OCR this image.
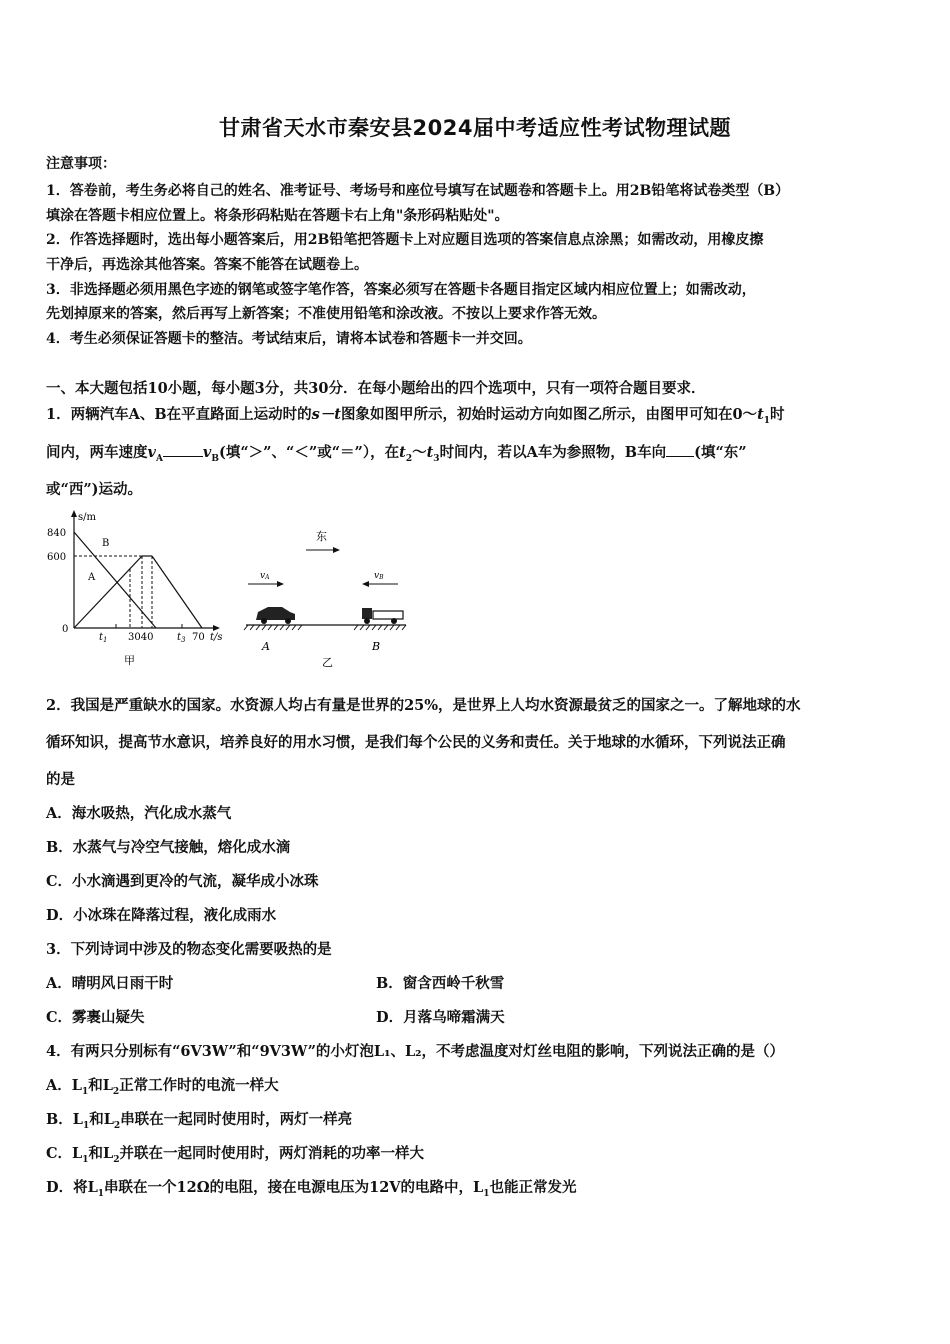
甘肃省天水市秦安县2024届中考适应性考试物理试题
注意事项：
1．答卷前，考生务必将自己的姓名、准考证号、考场号和座位号填写在试题卷和答题卡上。用2B铅笔将试卷类型（B）
填涂在答题卡相应位置上。将条形码粘贴在答题卡右上角"条形码粘贴处"。
2．作答选择题时，选出每小题答案后，用2B铅笔把答题卡上对应题目选项的答案信息点涂黑；如需改动，用橡皮擦
干净后，再选涂其他答案。答案不能答在试题卷上。
3．非选择题必须用黑色字迹的钢笔或签字笔作答，答案必须写在答题卡各题目指定区域内相应位置上；如需改动，
先划掉原来的答案，然后再写上新答案；不准使用铅笔和涂改液。不按以上要求作答无效。
4．考生必须保证答题卡的整洁。考试结束后，请将本试卷和答题卡一并交回。
一、本大题包括10小题，每小题3分，共30分．在每小题给出的四个选项中，只有一项符合题目要求．
1．两辆汽车A、B在平直路面上运动时的s－t图象如图甲所示，初始时运动方向如图乙所示，由图甲可知在$0\sim t_1$时
间内，两车速度$v_A$	$v_B$(填“＞”、“＜”或“＝”），在$t_2\sim t_3$时间内，若以A车为参照物，B车向 (填“东”
或“西”)运动。
s/m
840
600
0
B
A
$t_1$ 3040 $t_3$ 70 t/s
甲
东
vA	vB
A	B
乙
2．我国是严重缺水的国家。水资源人均占有量是世界的25%，是世界上人均水资源最贫乏的国家之一。了解地球的水
循环知识，提高节水意识，培养良好的用水习惯，是我们每个公民的义务和责任。关于地球的水循环，下列说法正确
的是
A．海水吸热，汽化成水蒸气
B．水蒸气与冷空气接触，熔化成水滴
C．小水滴遇到更冷的气流，凝华成小冰珠
D．小冰珠在降落过程，液化成雨水
3．下列诗词中涉及的物态变化需要吸热的是
A．晴明风日雨干时	B．窗含西岭千秋雪
C．雾裹山疑失	D．月落乌啼霜满天
4．有两只分别标有“6V3W”和“9V3W”的小灯泡L₁、L₂，不考虑温度对灯丝电阻的影响，下列说法正确的是（）
A．$L_1$和$L_2$正常工作时的电流一样大
B．$L_1$和$L_2$串联在一起同时使用时，两灯一样亮
C．$L_1$和$L_2$并联在一起同时使用时，两灯消耗的功率一样大
D．将$L_1$串联在一个12Ω的电阻，接在电源电压为12V的电路中，$L_1$也能正常发光
